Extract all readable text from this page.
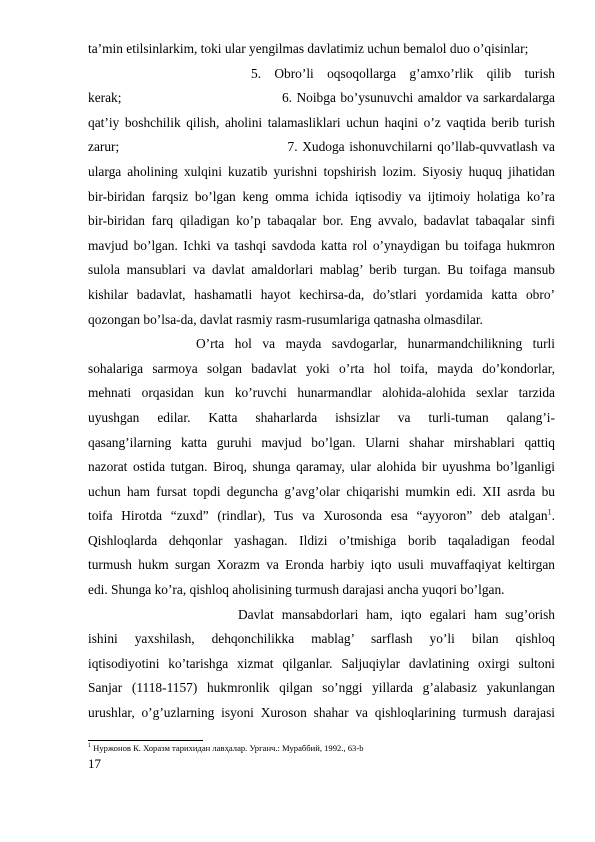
ta’min etilsinlarkim, toki ular yengilmas davlatimiz uchun bemalol duo o’qisinlar;
5. Obro’li oqsoqollarga g’amxo’rlik qilib turish
kerak;                                    6. Noibga bo’ysunuvchi amaldor va sarkardalarga
qat’iy boshchilik qilish, aholini talamasliklari uchun haqini o’z vaqtida berib turish
zarur;                                    7. Xudoga ishonuvchilarni qo’llab-quvvatlash va
ularga aholining xulqini kuzatib yurishni topshirish lozim. Siyosiy huquq jihatidan
bir-biridan farqsiz bo’lgan keng omma ichida iqtisodiy va ijtimoiy holatiga ko’ra
bir-biridan farq qiladigan ko’p tabaqalar bor. Eng avvalo, badavlat tabaqalar sinfi
mavjud bo’lgan. Ichki va tashqi savdoda katta rol o’ynaydigan bu toifaga hukmron
sulola mansublari va davlat amaldorlari mablag’ berib turgan. Bu toifaga mansub
kishilar badavlat, hashamatli hayot kechirsa-da, do’stlari yordamida katta obro’
qozongan bo’lsa-da, davlat rasmiy rasm-rusumlariga qatnasha olmasdilar.
O’rta hol va mayda savdogarlar, hunarmandchilikning turli
sohalariga sarmoya solgan badavlat yoki o’rta hol toifa, mayda do’kondorlar,
mehnati orqasidan kun ko’ruvchi hunarmandlar alohida-alohida sexlar tarzida
uyushgan edilar. Katta shaharlarda ishsizlar va turli-tuman qalang’i-
qasang’ilarning katta guruhi mavjud bo’lgan. Ularni shahar mirshablari qattiq
nazorat ostida tutgan. Biroq, shunga qaramay, ular alohida bir uyushma bo’lganligi
uchun ham fursat topdi deguncha g’avg’olar chiqarishi mumkin edi. XII asrda bu
toifa Hirotda “zuxd” (rindlar), Tus va Xurosonda esa “ayyoron” deb atalgan$^1$.
Qishloqlarda dehqonlar yashagan. Ildizi o’tmishiga borib taqaladigan feodal
turmush hukm surgan Xorazm va Eronda harbiy iqto usuli muvaffaqiyat keltirgan
edi. Shunga ko’ra, qishloq aholisining turmush darajasi ancha yuqori bo’lgan.
Davlat mansabdorlari ham, iqto egalari ham sug’orish
ishini yaxshilash, dehqonchilikka mablag’ sarflash yo’li bilan qishloq
iqtisodiyotini ko’tarishga xizmat qilganlar. Saljuqiylar davlatining oxirgi sultoni
Sanjar (1118-1157) hukmronlik qilgan so’nggi yillarda g’alabasiz yakunlangan
urushlar, o’g’uzlarning isyoni Xuroson shahar va qishloqlarining turmush darajasi
$^1$ Нуржонов К. Хоразм тарихидан лавҳалар. Урганч.: Мураббий, 1992., 63-b
17
